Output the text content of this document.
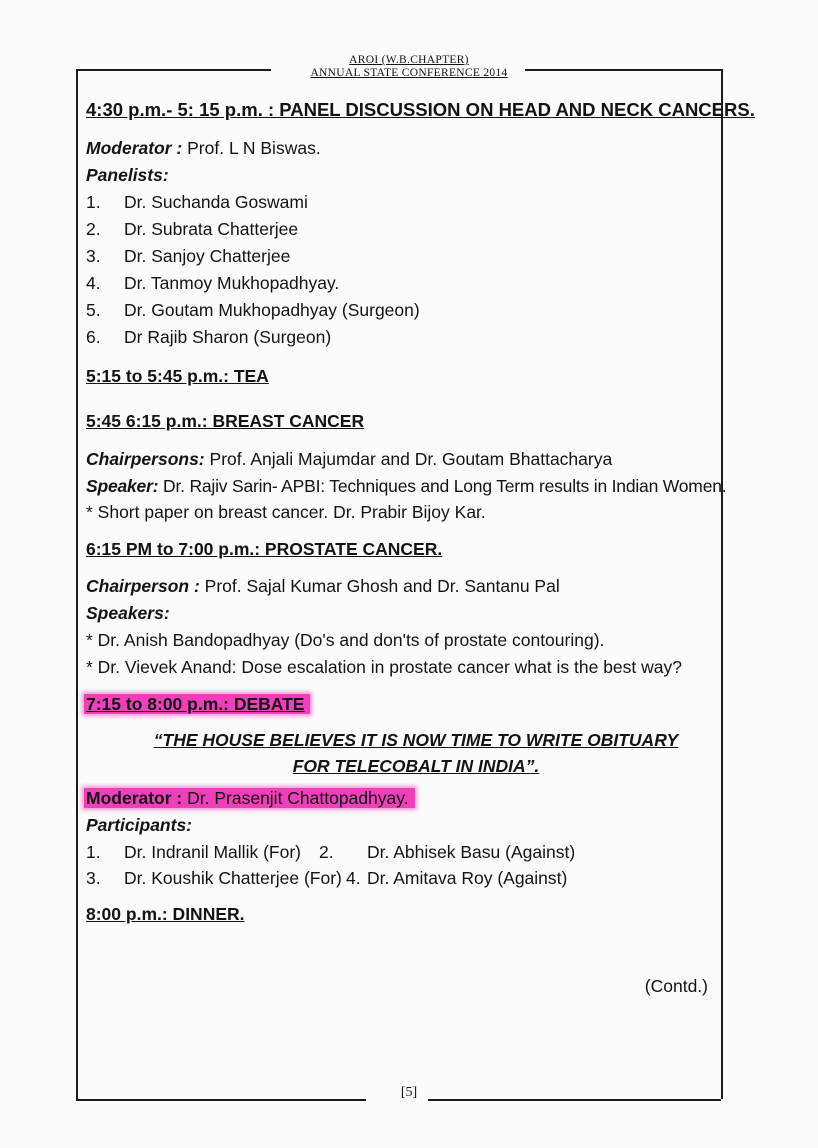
AROI (W.B.CHAPTER)
ANNUAL STATE CONFERENCE 2014
[5]
4:30 p.m.- 5: 15 p.m. : PANEL DISCUSSION ON HEAD AND NECK CANCERS.
Moderator : Prof. L N Biswas.
Panelists:
1. Dr. Suchanda Goswami
2. Dr. Subrata Chatterjee
3. Dr. Sanjoy Chatterjee
4. Dr. Tanmoy Mukhopadhyay.
5. Dr. Goutam Mukhopadhyay (Surgeon)
6. Dr Rajib Sharon (Surgeon)
5:15 to 5:45 p.m.: TEA
5:45 6:15 p.m.: BREAST CANCER
Chairpersons: Prof. Anjali Majumdar and Dr. Goutam Bhattacharya
Speaker: Dr. Rajiv Sarin- APBI: Techniques and Long Term results in Indian Women.
* Short paper on breast cancer. Dr. Prabir Bijoy Kar.
6:15 PM to 7:00 p.m.: PROSTATE CANCER.
Chairperson : Prof. Sajal Kumar Ghosh and Dr. Santanu Pal
Speakers:
* Dr. Anish Bandopadhyay (Do's and don'ts of prostate contouring).
* Dr. Vievek Anand: Dose escalation in prostate cancer what is the best way?
7:15 to 8:00 p.m.: DEBATE
“THE HOUSE BELIEVES IT IS NOW TIME TO WRITE OBITUARY
FOR TELECOBALT IN INDIA”.
Moderator : Dr. Prasenjit Chattopadhyay.
Participants:
1. Dr. Indranil Mallik (For) 2. Dr. Abhisek Basu (Against)
3. Dr. Koushik Chatterjee (For) 4. Dr. Amitava Roy (Against)
8:00 p.m.: DINNER.
(Contd.)
